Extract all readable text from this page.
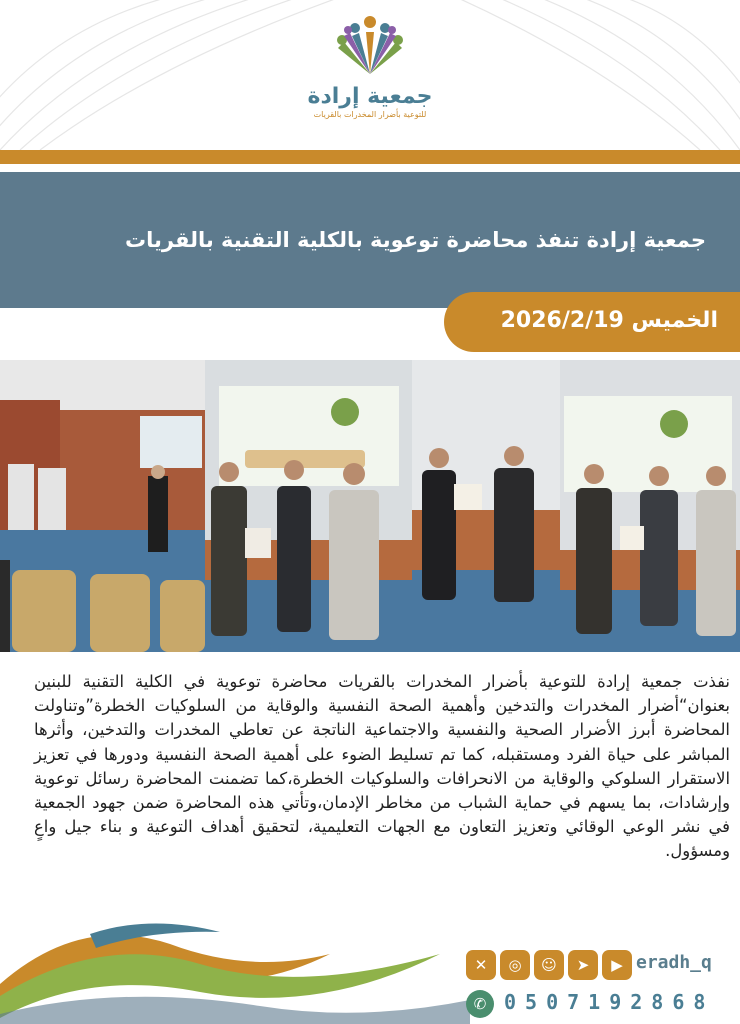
جمعية إرادة
للتوعية بأضرار المخدرات بالقريات
جمعية إرادة تنفذ محاضرة توعوية بالكلية التقنية بالقريات
الخميس 2026/2/19
نفذت جمعية إرادة للتوعية بأضرار المخدرات بالقريات محاضرة توعوية في الكلية التقنية للبنين بعنوان“أضرار المخدرات والتدخين وأهمية الصحة النفسية والوقاية من السلوكيات الخطرة”وتناولت المحاضرة أبرز الأضرار الصحية والنفسية والاجتماعية الناتجة عن تعاطي المخدرات والتدخين، وأثرها المباشر على حياة الفرد ومستقبله، كما تم تسليط الضوء على أهمية الصحة النفسية ودورها في تعزيز الاستقرار السلوكي والوقاية من الانحرافات والسلوكيات الخطرة،كما تضمنت المحاضرة رسائل توعوية وإرشادات، بما يسهم في حماية الشباب من مخاطر الإدمان،وتأتي هذه المحاضرة ضمن جهود الجمعية في نشر الوعي الوقائي وتعزيز التعاون مع الجهات التعليمية، لتحقيق أهداف التوعية و بناء جيل واعٍ ومسؤول.
✕	◎	☺	➤	▶ eradh_q
✆ 0507192868
